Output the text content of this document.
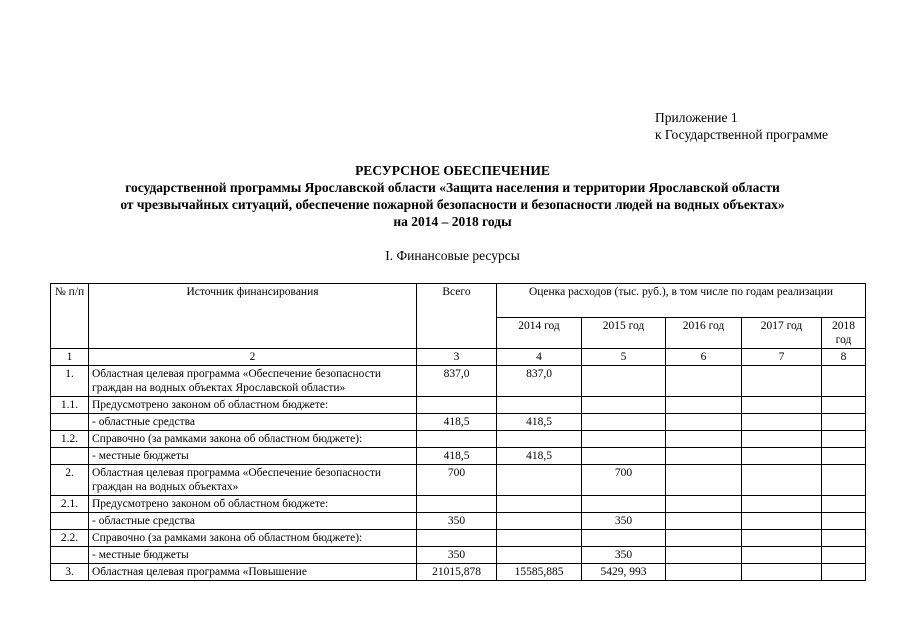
Приложение 1
к Государственной программе
РЕСУРСНОЕ ОБЕСПЕЧЕНИЕ
государственной программы Ярославской области «Защита населения и территории Ярославской области
от чрезвычайных ситуаций, обеспечение пожарной безопасности и безопасности людей на водных объектах»
на 2014 – 2018 годы
I. Финансовые ресурсы
№ п/п	Источник финансирования	Всего	Оценка расходов (тыс. руб.), в том числе по годам реализации				
			2014 год	2015 год	2016 год	2017 год	2018 год
1	2	3	4	5	6	7	8
1.	Областная целевая программа «Обеспечение безопасности граждан на водных объектах Ярославской области»	837,0	837,0				
1.1.	Предусмотрено законом об областном бюджете:						
	- областные средства	418,5	418,5				
1.2.	Справочно (за рамками закона об областном бюджете):						
	- местные бюджеты	418,5	418,5				
2.	Областная целевая программа «Обеспечение безопасности граждан на водных объектах»	700		700			
2.1.	Предусмотрено законом об областном бюджете:						
	- областные средства	350		350			
2.2.	Справочно (за рамками закона об областном бюджете):						
	- местные бюджеты	350		350			
3.	Областная целевая программа «Повышение	21015,878	15585,885	5429, 993			
